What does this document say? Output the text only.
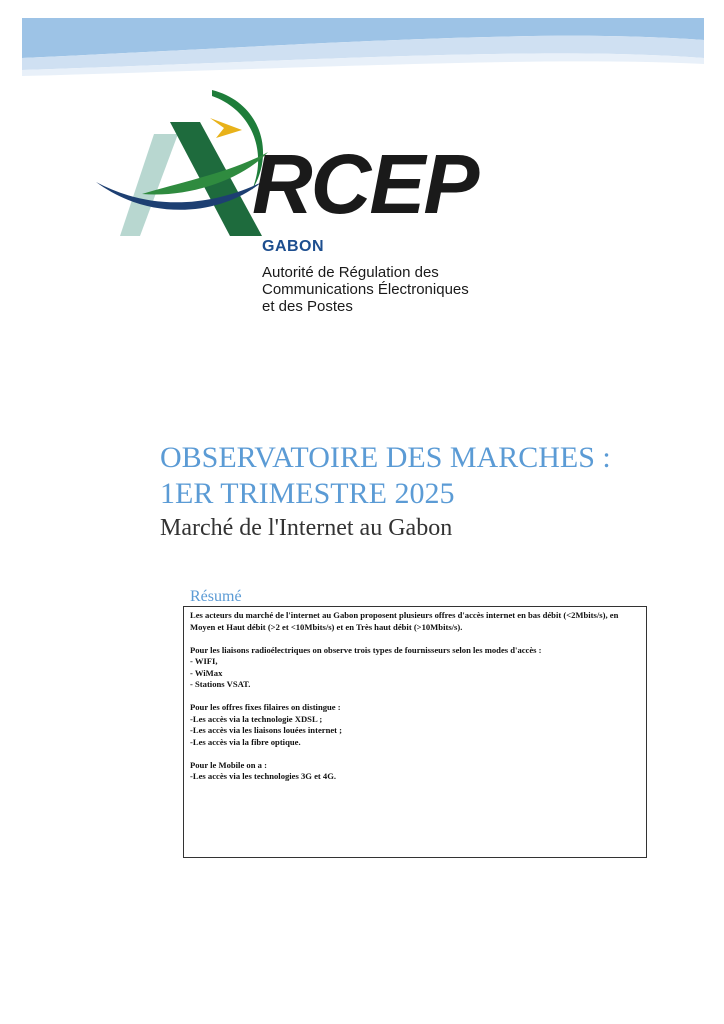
RCEP
GABON
Autorité de Régulation des
Communications Électroniques
et des Postes
OBSERVATOIRE DES MARCHES :
1ER TRIMESTRE 2025
Marché de l'Internet au Gabon
Résumé

Les acteurs du marché de l'internet au Gabon proposent plusieurs offres d'accès internet en bas débit (<2Mbits/s), en Moyen et Haut débit (>2 et <10Mbits/s) et en Très haut débit (>10Mbits/s).

Pour les liaisons radioélectriques on observe trois types de fournisseurs selon les modes d'accès :
- WIFI,
- WiMax
- Stations VSAT.

Pour les offres fixes filaires on distingue :
-Les accès via la technologie XDSL ;
-Les accès via les liaisons louées internet ;
-Les accès via la fibre optique.

Pour le Mobile on a :
-Les accès via les technologies 3G et 4G.
